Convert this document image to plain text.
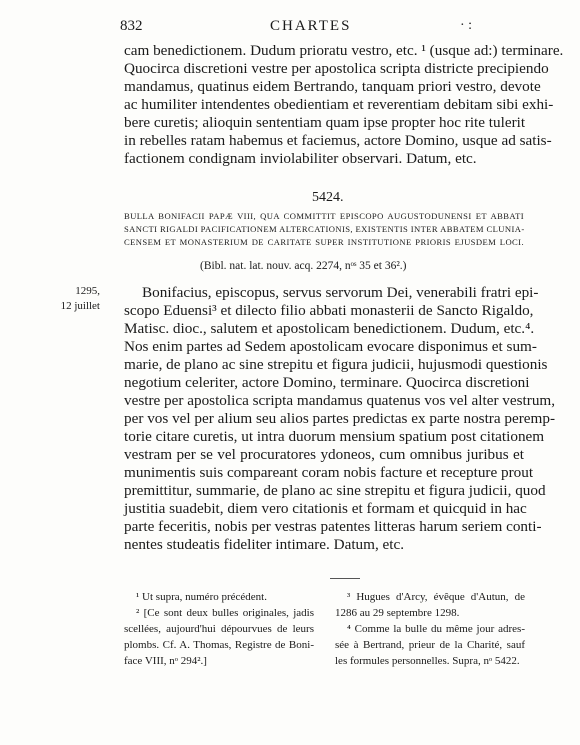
832	CHARTES	· :
cam benedictionem. Dudum prioratu vestro, etc. ¹ (usque ad:) terminare.
Quocirca discretioni vestre per apostolica scripta districte precipiendo
mandamus, quatinus eidem Bertrando, tanquam priori vestro, devote
ac humiliter intendentes obedientiam et reverentiam debitam sibi exhi-
bere curetis; alioquin sententiam quam ipse propter hoc rite tulerit
in rebelles ratam habemus et faciemus, actore Domino, usque ad satis-
factionem condignam inviolabiliter observari. Datum, etc.
5424.
BULLA BONIFACII PAPÆ VIII, QUA COMMITTIT EPISCOPO AUGUSTODUNENSI ET ABBATI
SANCTI RIGALDI PACIFICATIONEM ALTERCATIONIS, EXISTENTIS INTER ABBATEM CLUNIA-
CENSEM ET MONASTERIUM DE CARITATE SUPER INSTITUTIONE PRIORIS EJUSDEM LOCI.
(Bibl. nat. lat. nouv. acq. 2274, nᵒˢ 35 et 36².)
1295,
12 juillet
Bonifacius, episcopus, servus servorum Dei, venerabili fratri epi-
scopo Eduensi³ et dilecto filio abbati monasterii de Sancto Rigaldo,
Matisc. dioc., salutem et apostolicam benedictionem. Dudum, etc.⁴.
Nos enim partes ad Sedem apostolicam evocare disponimus et sum-
marie, de plano ac sine strepitu et figura judicii, hujusmodi questionis
negotium celeriter, actore Domino, terminare. Quocirca discretioni
vestre per apostolica scripta mandamus quatenus vos vel alter vestrum,
per vos vel per alium seu alios partes predictas ex parte nostra peremp-
torie citare curetis, ut intra duorum mensium spatium post citationem
vestram per se vel procuratores ydoneos, cum omnibus juribus et
munimentis suis compareant coram nobis facture et recepture prout
premittitur, summarie, de plano ac sine strepitu et figura judicii, quod
justitia suadebit, diem vero citationis et formam et quicquid in hac
parte feceritis, nobis per vestras patentes litteras harum seriem conti-
nentes studeatis fideliter intimare. Datum, etc.
¹ Ut supra, numéro précédent.
² [Ce sont deux bulles originales, jadis
scellées, aujourd'hui dépourvues de leurs
plombs. Cf. A. Thomas, Registre de Boni-
face VIII, nᵒ 294².]
³ Hugues d'Arcy, évêque d'Autun, de
1286 au 29 septembre 1298.
⁴ Comme la bulle du même jour adres-
sée à Bertrand, prieur de la Charité, sauf
les formules personnelles. Supra, nᵒ 5422.
